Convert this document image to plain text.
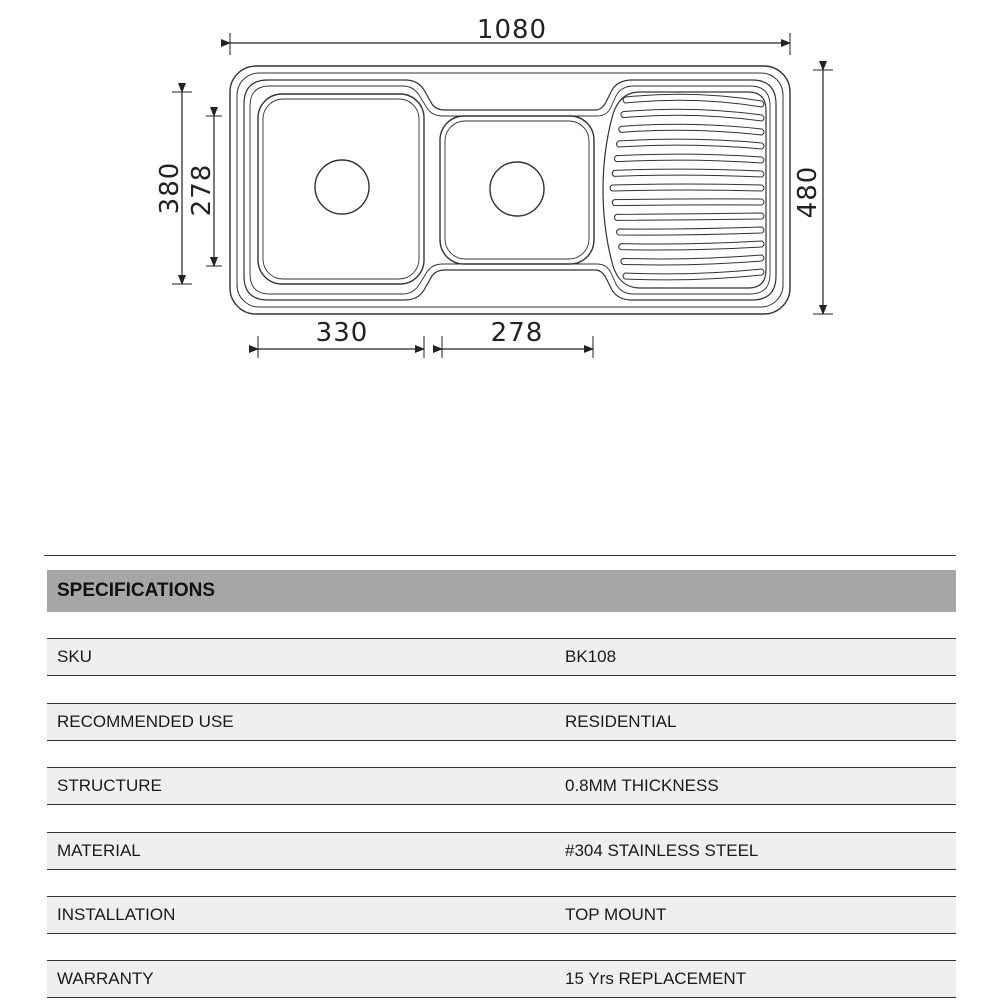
1080
480
380 278
330	278
SPECIFICATIONS
SKU	BK108
RECOMMENDED USE	RESIDENTIAL
STRUCTURE	0.8MM THICKNESS
MATERIAL	#304 STAINLESS STEEL
INSTALLATION	TOP MOUNT
WARRANTY	15 Yrs REPLACEMENT
